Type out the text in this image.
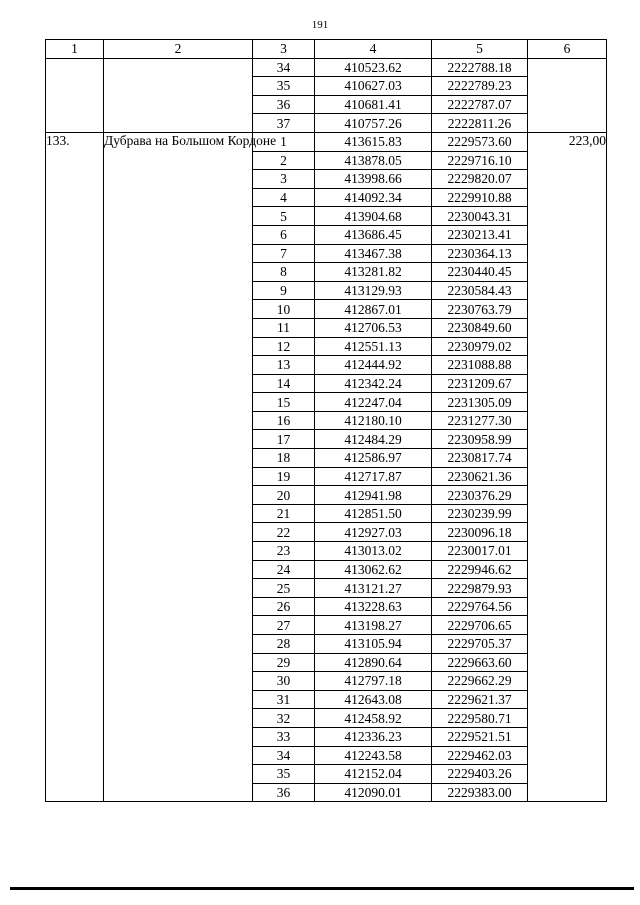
191
1	2	3	4	5	6
		34	410523.62	2222788.18	
		35	410627.03	2222789.23	
		36	410681.41	2222787.07	
		37	410757.26	2222811.26	
133.	Дубрава на Большом Кордоне	1	413615.83	2229573.60	223,00
		2	413878.05	2229716.10	
		3	413998.66	2229820.07	
		4	414092.34	2229910.88	
		5	413904.68	2230043.31	
		6	413686.45	2230213.41	
		7	413467.38	2230364.13	
		8	413281.82	2230440.45	
		9	413129.93	2230584.43	
		10	412867.01	2230763.79	
		11	412706.53	2230849.60	
		12	412551.13	2230979.02	
		13	412444.92	2231088.88	
		14	412342.24	2231209.67	
		15	412247.04	2231305.09	
		16	412180.10	2231277.30	
		17	412484.29	2230958.99	
		18	412586.97	2230817.74	
		19	412717.87	2230621.36	
		20	412941.98	2230376.29	
		21	412851.50	2230239.99	
		22	412927.03	2230096.18	
		23	413013.02	2230017.01	
		24	413062.62	2229946.62	
		25	413121.27	2229879.93	
		26	413228.63	2229764.56	
		27	413198.27	2229706.65	
		28	413105.94	2229705.37	
		29	412890.64	2229663.60	
		30	412797.18	2229662.29	
		31	412643.08	2229621.37	
		32	412458.92	2229580.71	
		33	412336.23	2229521.51	
		34	412243.58	2229462.03	
		35	412152.04	2229403.26	
		36	412090.01	2229383.00	
